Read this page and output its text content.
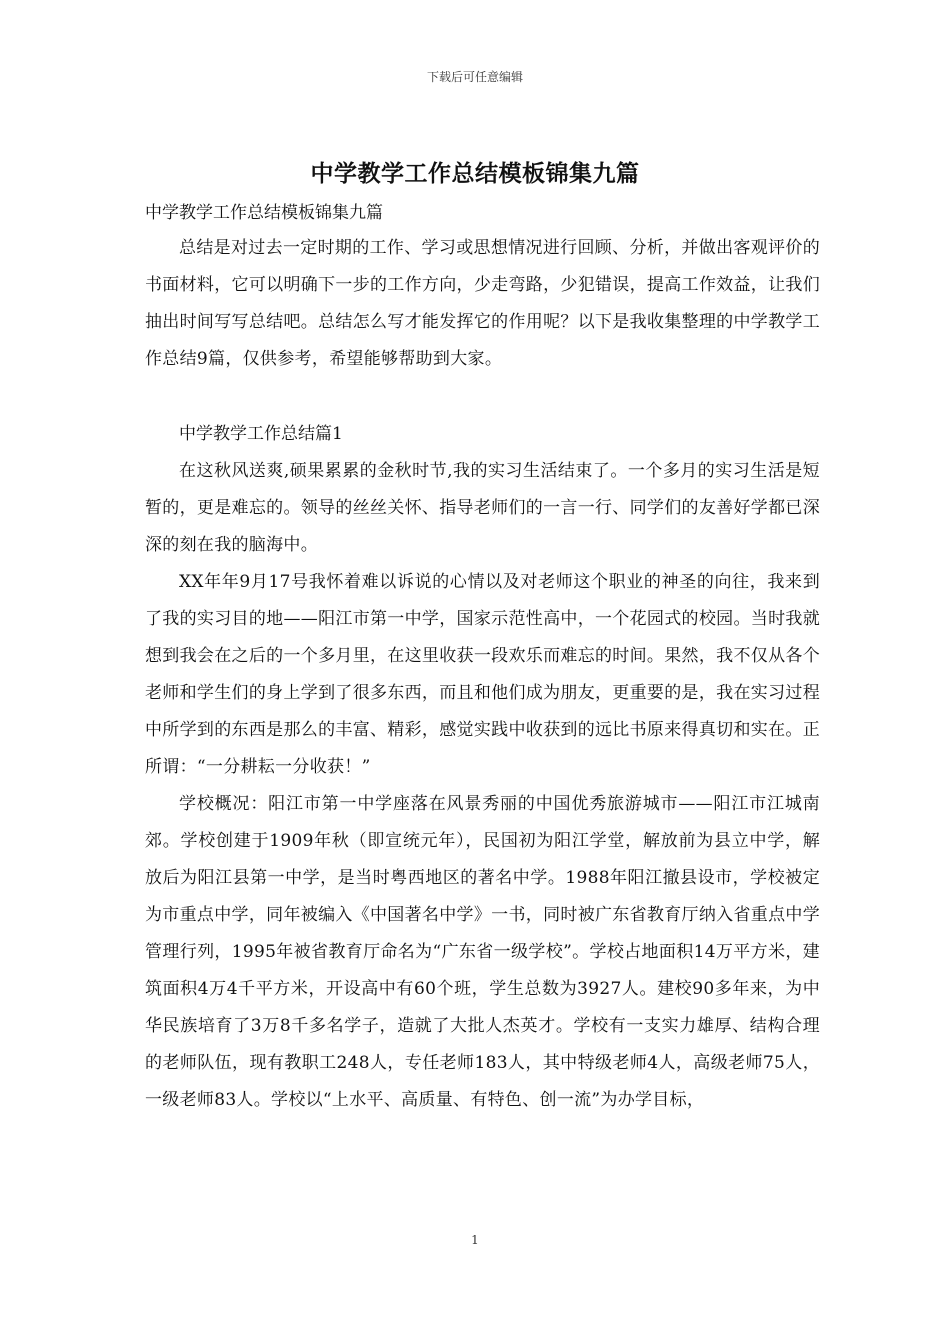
下载后可任意编辑
中学教学工作总结模板锦集九篇
中学教学工作总结模板锦集九篇

总结是对过去一定时期的工作、学习或思想情况进行回顾、分析，并做出客观评价的书面材料，它可以明确下一步的工作方向，少走弯路，少犯错误，提高工作效益，让我们抽出时间写写总结吧。总结怎么写才能发挥它的作用呢？以下是我收集整理的中学教学工作总结9篇，仅供参考，希望能够帮助到大家。

中学教学工作总结篇1

在这秋风送爽,硕果累累的金秋时节,我的实习生活结束了。一个多月的实习生活是短暂的，更是难忘的。领导的丝丝关怀、指导老师们的一言一行、同学们的友善好学都已深深的刻在我的脑海中。

XX年年9月17号我怀着难以诉说的心情以及对老师这个职业的神圣的向往，我来到了我的实习目的地——阳江市第一中学，国家示范性高中，一个花园式的校园。当时我就想到我会在之后的一个多月里，在这里收获一段欢乐而难忘的时间。果然，我不仅从各个老师和学生们的身上学到了很多东西，而且和他们成为朋友，更重要的是，我在实习过程中所学到的东西是那么的丰富、精彩，感觉实践中收获到的远比书原来得真切和实在。正所谓：“一分耕耘一分收获！”

学校概况：阳江市第一中学座落在风景秀丽的中国优秀旅游城市——阳江市江城南郊。学校创建于1909年秋（即宣统元年），民国初为阳江学堂，解放前为县立中学，解放后为阳江县第一中学，是当时粤西地区的著名中学。1988年阳江撤县设市，学校被定为市重点中学，同年被编入《中国著名中学》一书，同时被广东省教育厅纳入省重点中学管理行列，1995年被省教育厅命名为“广东省一级学校”。学校占地面积14万平方米，建筑面积4万4千平方米，开设高中有60个班，学生总数为3927人。建校90多年来，为中华民族培育了3万8千多名学子，造就了大批人杰英才。学校有一支实力雄厚、结构合理的老师队伍，现有教职工248人，专任老师183人，其中特级老师4人，高级老师75人，一级老师83人。学校以“上水平、高质量、有特色、创一流”为办学目标，

1
